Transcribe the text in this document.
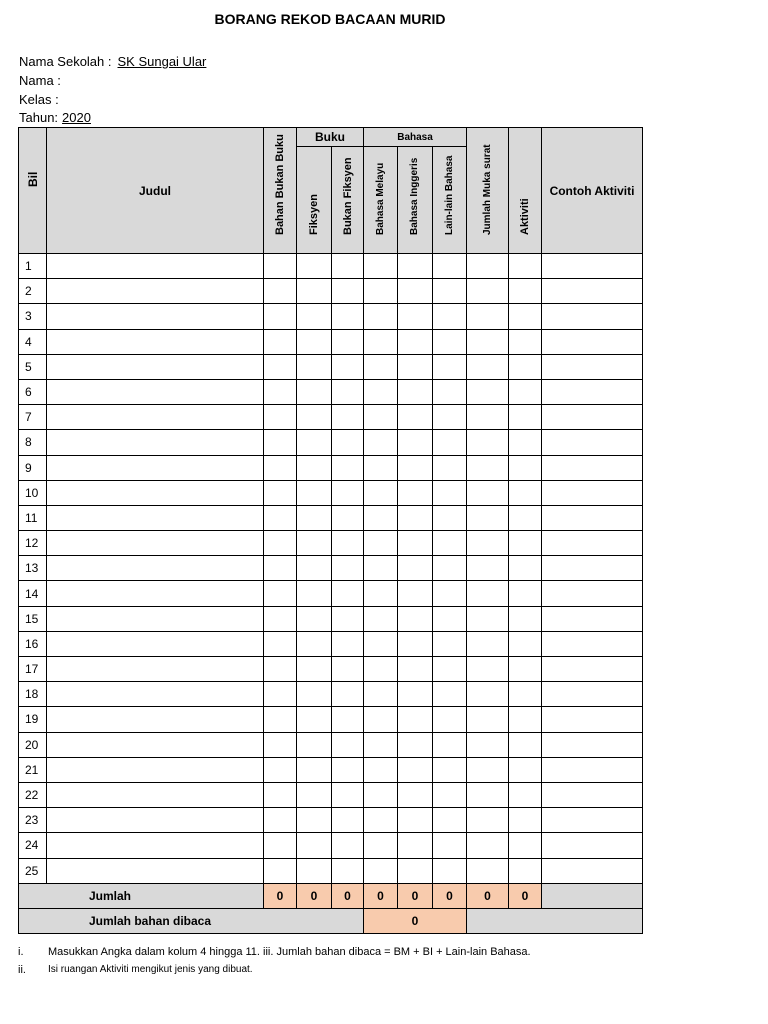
BORANG REKOD BACAAN MURID
Nama Sekolah : SK Sungai Ular
Nama :
Kelas :
Tahun: 2020
Bil	Judul	Bahan Bukan Buku	Buku		Bahasa			Jumlah Muka surat	Aktiviti	Contoh Aktiviti

			Fiksyen	Bukan Fiksyen	Bahasa Melayu	Bahasa Inggeris	Lain-lain Bahasa			

1										
2										
3										
4										
5										
6										
7										
8										
9										
10										
11										
12										
13										
14										
15										
16										
17										
18										
19										
20										
21										
22										
23										
24										
25										
Jumlah		0	0	0	0	0	0	0	0	
Jumlah bahan dibaca					0					
i. Masukkan Angka dalam kolum 4 hingga 11. iii. Jumlah bahan dibaca = BM + BI + Lain-lain Bahasa.
ii. Isi ruangan Aktiviti mengikut jenis yang dibuat.
